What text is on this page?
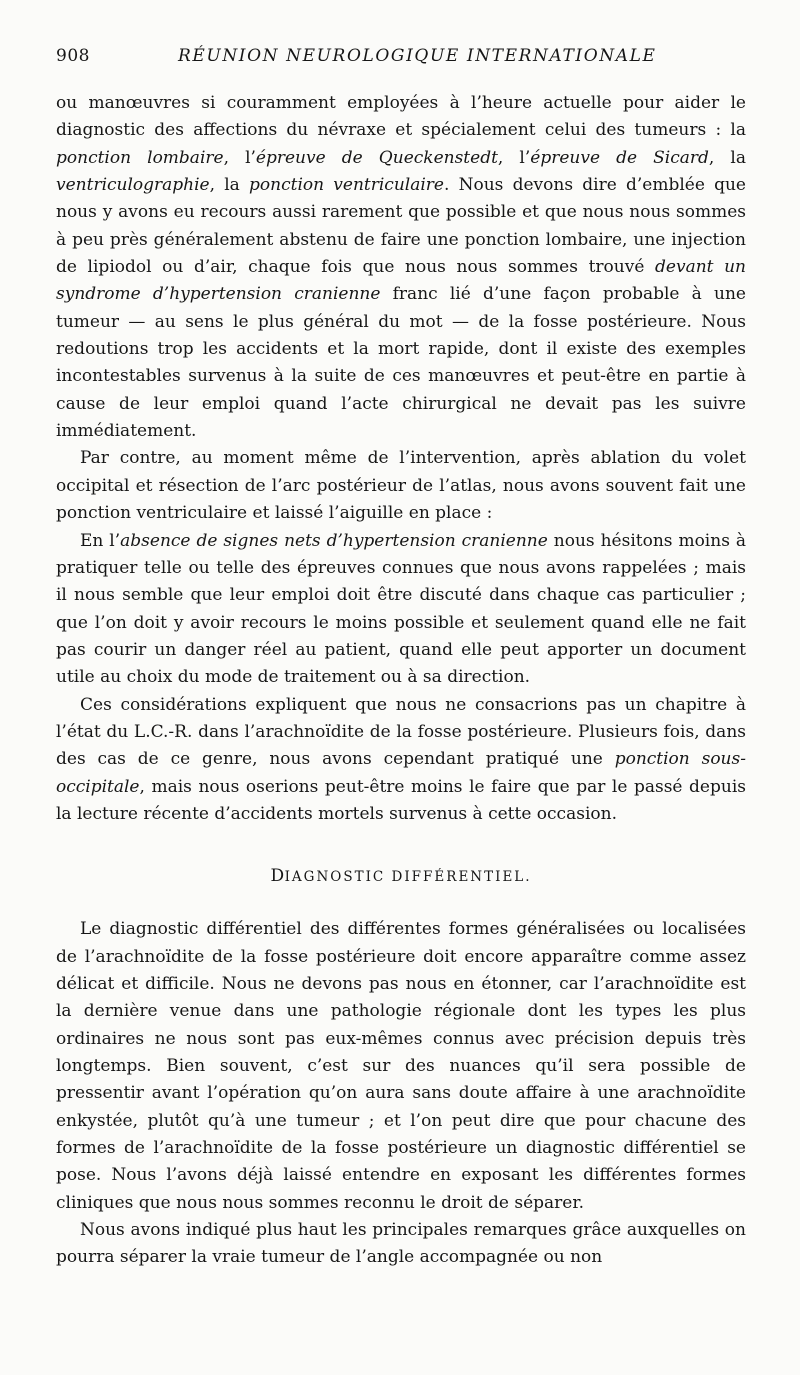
908	RÉUNION NEUROLOGIQUE INTERNATIONALE

ou manœuvres si couramment employées à l’heure actuelle pour aider le diagnostic des affections du névraxe et spécialement celui des tumeurs : la ponction lombaire, l’épreuve de Queckenstedt, l’épreuve de Sicard, la ventriculographie, la ponction ventriculaire. Nous devons dire d’emblée que nous y avons eu recours aussi rarement que possible et que nous nous sommes à peu près généralement abstenu de faire une ponction lombaire, une injection de lipiodol ou d’air, chaque fois que nous nous sommes trouvé devant un syndrome d’hypertension cranienne franc lié d’une façon probable à une tumeur — au sens le plus général du mot — de la fosse postérieure. Nous redoutions trop les accidents et la mort rapide, dont il existe des exemples incontestables survenus à la suite de ces manœuvres et peut-être en partie à cause de leur emploi quand l’acte chirurgical ne devait pas les suivre immédiatement.

Par contre, au moment même de l’intervention, après ablation du volet occipital et résection de l’arc postérieur de l’atlas, nous avons souvent fait une ponction ventriculaire et laissé l’aiguille en place :

En l’absence de signes nets d’hypertension cranienne nous hésitons moins à pratiquer telle ou telle des épreuves connues que nous avons rappelées ; mais il nous semble que leur emploi doit être discuté dans chaque cas particulier ; que l’on doit y avoir recours le moins possible et seulement quand elle ne fait pas courir un danger réel au patient, quand elle peut apporter un document utile au choix du mode de traitement ou à sa direction.

Ces considérations expliquent que nous ne consacrions pas un chapitre à l’état du L.C.-R. dans l’arachnoïdite de la fosse postérieure. Plusieurs fois, dans des cas de ce genre, nous avons cependant pratiqué une ponction sous-occipitale, mais nous oserions peut-être moins le faire que par le passé depuis la lecture récente d’accidents mortels survenus à cette occasion.

DIAGNOSTIC DIFFÉRENTIEL.

Le diagnostic différentiel des différentes formes généralisées ou localisées de l’arachnoïdite de la fosse postérieure doit encore apparaître comme assez délicat et difficile. Nous ne devons pas nous en étonner, car l’arachnoïdite est la dernière venue dans une pathologie régionale dont les types les plus ordinaires ne nous sont pas eux-mêmes connus avec précision depuis très longtemps. Bien souvent, c’est sur des nuances qu’il sera possible de pressentir avant l’opération qu’on aura sans doute affaire à une arachnoïdite enkystée, plutôt qu’à une tumeur ; et l’on peut dire que pour chacune des formes de l’arachnoïdite de la fosse postérieure un diagnostic différentiel se pose. Nous l’avons déjà laissé entendre en exposant les différentes formes cliniques que nous nous sommes reconnu le droit de séparer.

Nous avons indiqué plus haut les principales remarques grâce auxquelles on pourra séparer la vraie tumeur de l’angle accompagnée ou non
